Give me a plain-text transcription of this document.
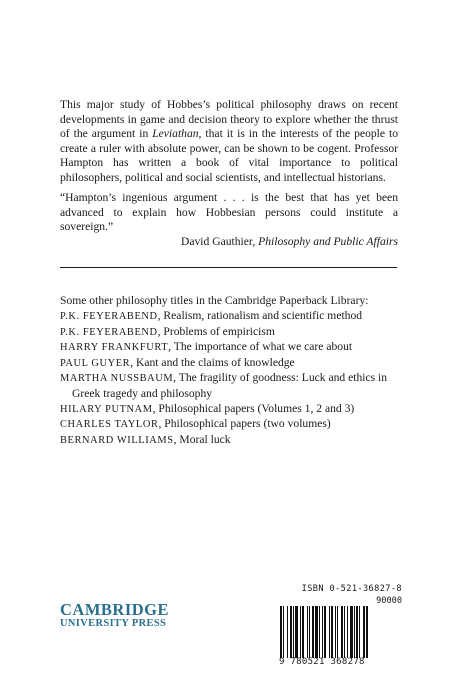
This major study of Hobbes’s political philosophy draws on recent developments in game and decision theory to explore whether the thrust of the argument in Leviathan, that it is in the interests of the people to create a ruler with absolute power, can be shown to be cogent. Professor Hampton has written a book of vital importance to political philosophers, political and social scientists, and intellectual historians.

“Hampton’s ingenious argument . . . is the best that has yet been advanced to explain how Hobbesian persons could institute a sovereign.”
David Gauthier, Philosophy and Public Affairs
Some other philosophy titles in the Cambridge Paperback Library:
P.K. FEYERABEND, Realism, rationalism and scientific method
P.K. FEYERABEND, Problems of empiricism
HARRY FRANKFURT, The importance of what we care about
PAUL GUYER, Kant and the claims of knowledge
MARTHA NUSSBAUM, The fragility of goodness: Luck and ethics in Greek tragedy and philosophy
HILARY PUTNAM, Philosophical papers (Volumes 1, 2 and 3)
CHARLES TAYLOR, Philosophical papers (two volumes)
BERNARD WILLIAMS, Moral luck
CAMBRIDGE
UNIVERSITY PRESS
ISBN 0-521-36827-8
90000
9 780521 368278
